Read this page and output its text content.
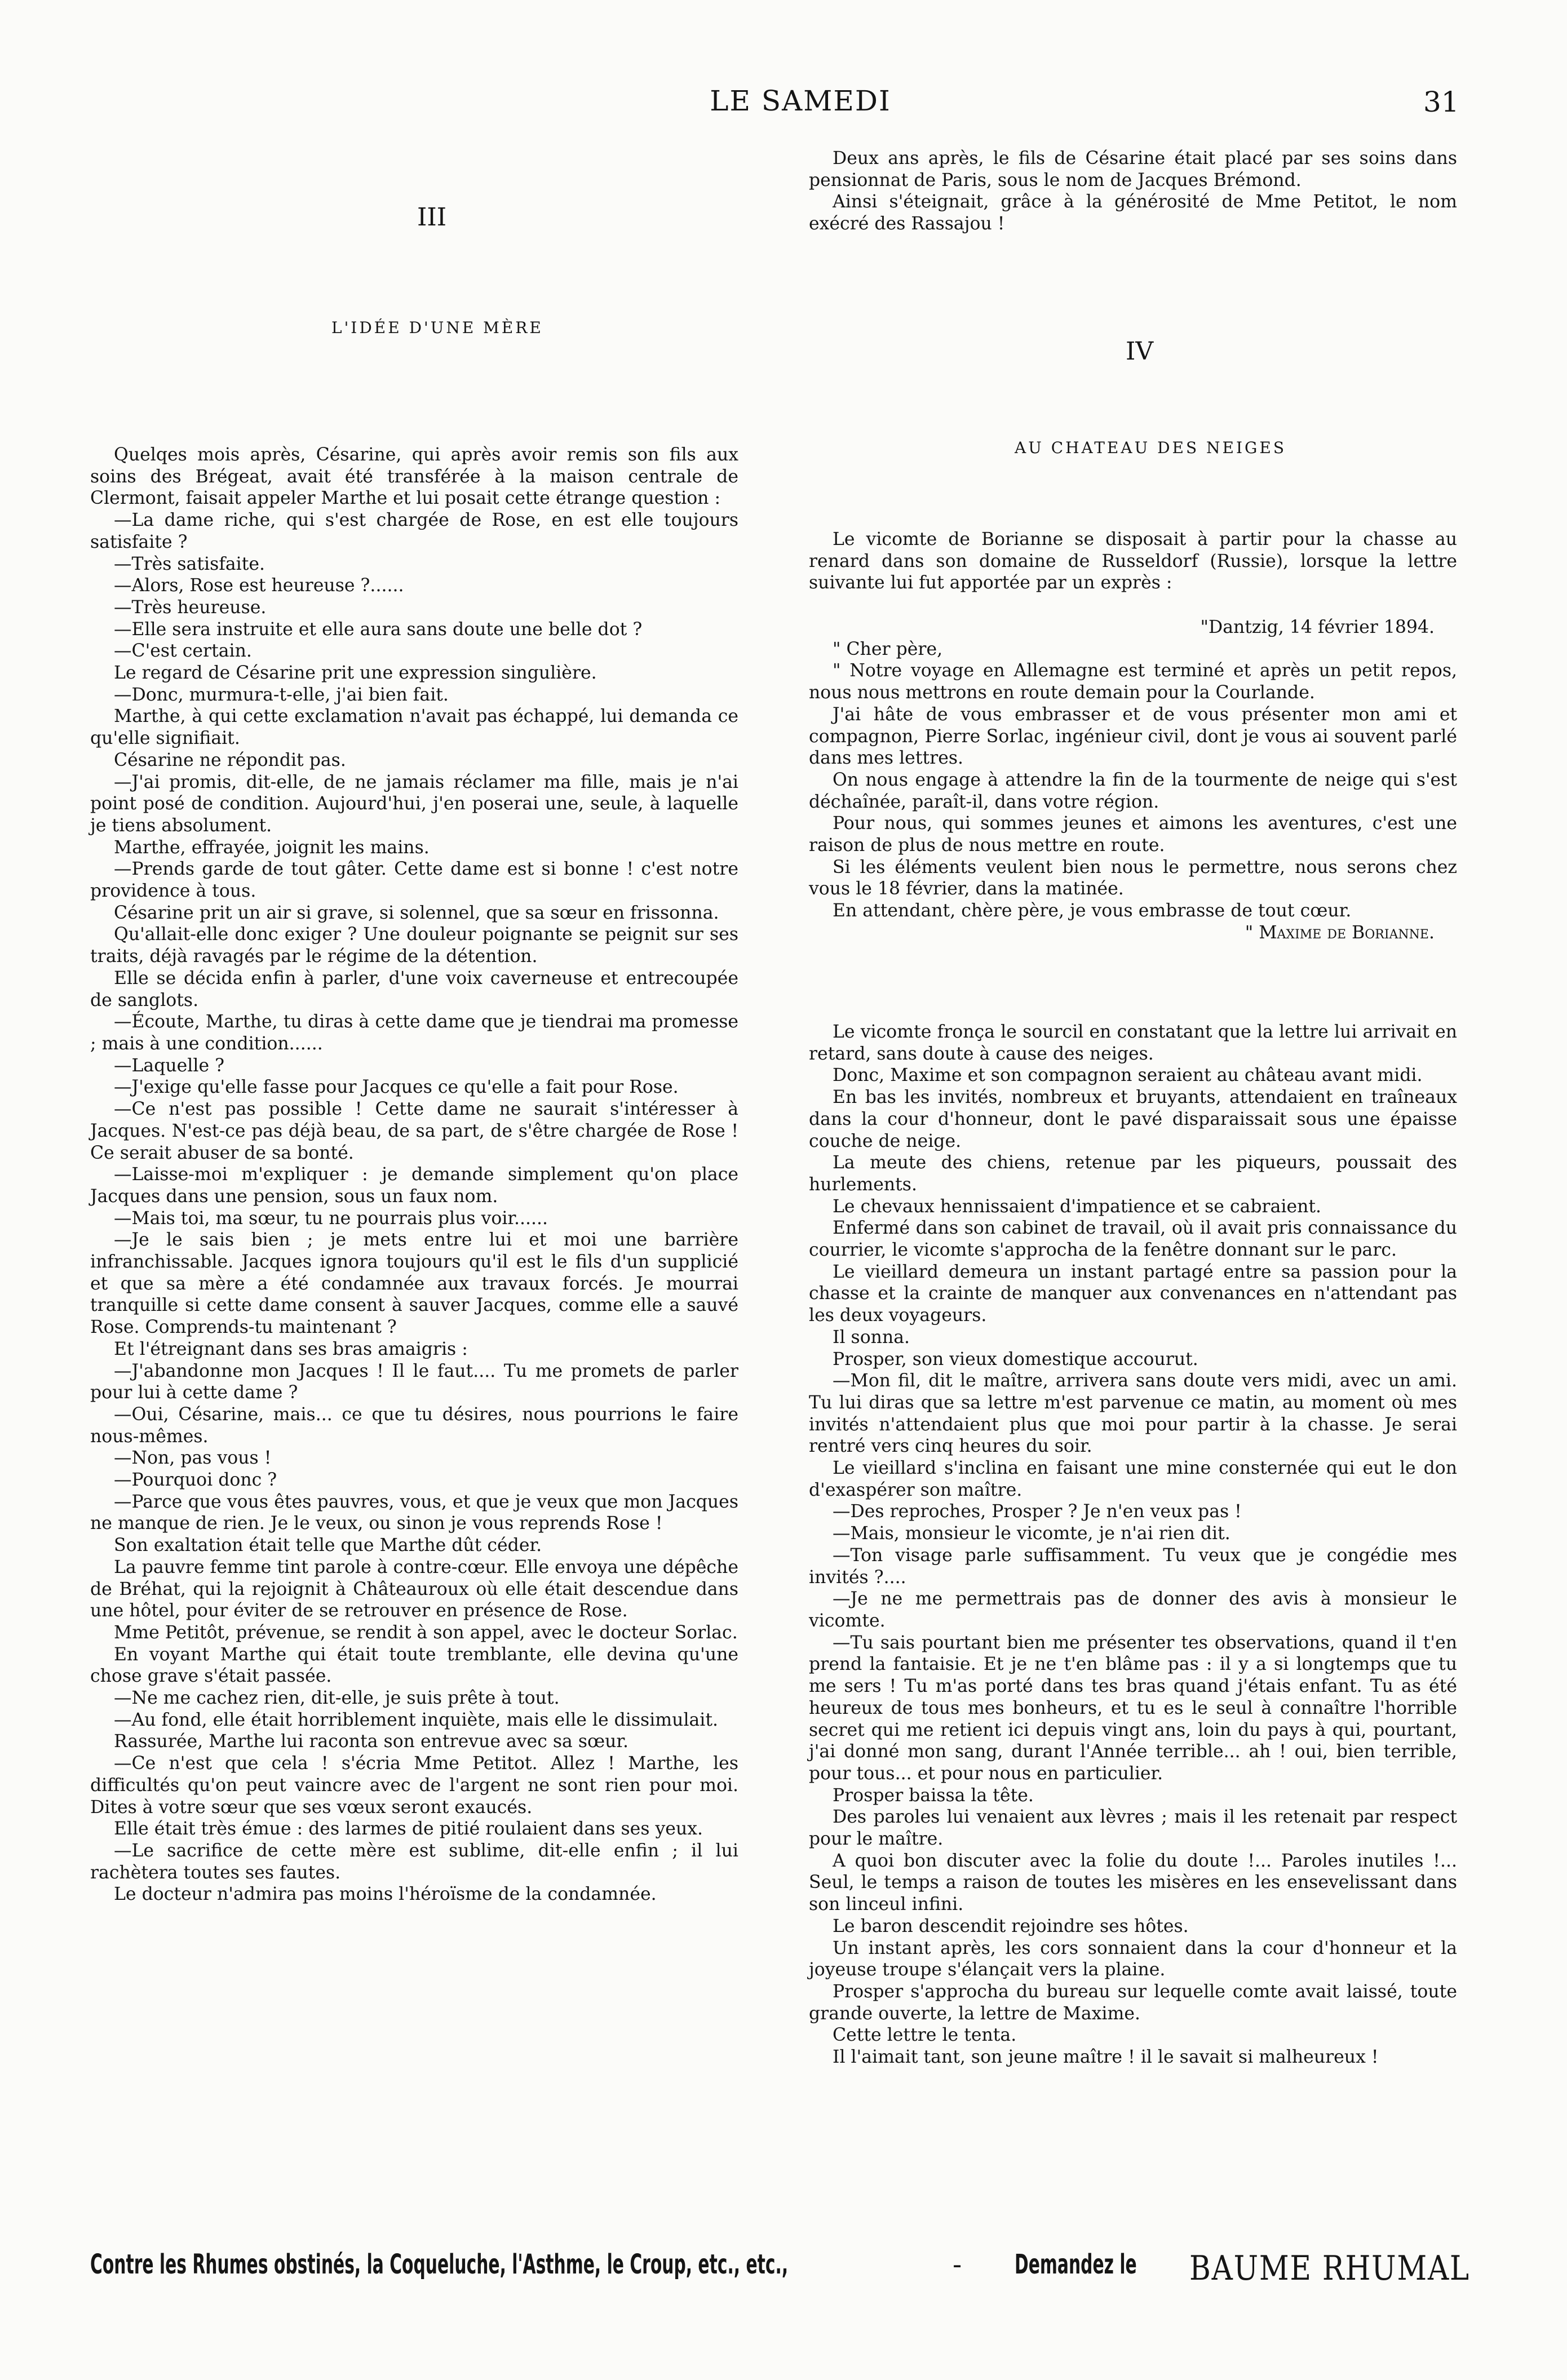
LE SAMEDI	31
III
L'IDÉE D'UNE MÈRE

Quelqes mois après, Césarine, qui après avoir remis son fils aux soins des Brégeat, avait été transférée à la maison centrale de Clermont, faisait appeler Marthe et lui posait cette étrange question :

—La dame riche, qui s'est chargée de Rose, en est elle toujours satisfaite ?

—Très satisfaite.

—Alors, Rose est heureuse ?......

—Très heureuse.

—Elle sera instruite et elle aura sans doute une belle dot ?

—C'est certain.

Le regard de Césarine prit une expression singulière.

—Donc, murmura-t-elle, j'ai bien fait.

Marthe, à qui cette exclamation n'avait pas échappé, lui demanda ce qu'elle signifiait.

Césarine ne répondit pas.

—J'ai promis, dit-elle, de ne jamais réclamer ma fille, mais je n'ai point posé de condition. Aujourd'hui, j'en poserai une, seule, à laquelle je tiens absolument.

Marthe, effrayée, joignit les mains.

—Prends garde de tout gâter. Cette dame est si bonne ! c'est notre providence à tous.

Césarine prit un air si grave, si solennel, que sa sœur en frissonna.

Qu'allait-elle donc exiger ? Une douleur poignante se peignit sur ses traits, déjà ravagés par le régime de la détention.

Elle se décida enfin à parler, d'une voix caverneuse et entrecoupée de sanglots.

—Écoute, Marthe, tu diras à cette dame que je tiendrai ma promesse ; mais à une condition......

—Laquelle ?

—J'exige qu'elle fasse pour Jacques ce qu'elle a fait pour Rose.

—Ce n'est pas possible ! Cette dame ne saurait s'intéresser à Jacques. N'est-ce pas déjà beau, de sa part, de s'être chargée de Rose ! Ce serait abuser de sa bonté.

—Laisse-moi m'expliquer : je demande simplement qu'on place Jacques dans une pension, sous un faux nom.

—Mais toi, ma sœur, tu ne pourrais plus voir......

—Je le sais bien ; je mets entre lui et moi une barrière infranchissable. Jacques ignora toujours qu'il est le fils d'un supplicié et que sa mère a été condamnée aux travaux forcés. Je mourrai tranquille si cette dame consent à sauver Jacques, comme elle a sauvé Rose. Comprends-tu maintenant ?

Et l'étreignant dans ses bras amaigris :

—J'abandonne mon Jacques ! Il le faut.... Tu me promets de parler pour lui à cette dame ?

—Oui, Césarine, mais... ce que tu désires, nous pourrions le faire nous-mêmes.

—Non, pas vous !

—Pourquoi donc ?

—Parce que vous êtes pauvres, vous, et que je veux que mon Jacques ne manque de rien. Je le veux, ou sinon je vous reprends Rose !

Son exaltation était telle que Marthe dût céder.

La pauvre femme tint parole à contre-cœur. Elle envoya une dépêche de Bréhat, qui la rejoignit à Châteauroux où elle était descendue dans une hôtel, pour éviter de se retrouver en présence de Rose.

Mme Petitôt, prévenue, se rendit à son appel, avec le docteur Sorlac.

En voyant Marthe qui était toute tremblante, elle devina qu'une chose grave s'était passée.

—Ne me cachez rien, dit-elle, je suis prête à tout.

—Au fond, elle était horriblement inquiète, mais elle le dissimulait.

Rassurée, Marthe lui raconta son entrevue avec sa sœur.

—Ce n'est que cela ! s'écria Mme Petitot. Allez ! Marthe, les difficultés qu'on peut vaincre avec de l'argent ne sont rien pour moi. Dites à votre sœur que ses vœux seront exaucés.

Elle était très émue : des larmes de pitié roulaient dans ses yeux.

—Le sacrifice de cette mère est sublime, dit-elle enfin ; il lui rachètera toutes ses fautes.

Le docteur n'admira pas moins l'héroïsme de la condamnée.

Deux ans après, le fils de Césarine était placé par ses soins dans pensionnat de Paris, sous le nom de Jacques Brémond.

Ainsi s'éteignait, grâce à la générosité de Mme Petitot, le nom exécré des Rassajou !

IV
AU CHATEAU DES NEIGES

Le vicomte de Borianne se disposait à partir pour la chasse au renard dans son domaine de Russeldorf (Russie), lorsque la lettre suivante lui fut apportée par un exprès :

"Dantzig, 14 février 1894.

" Cher père,

" Notre voyage en Allemagne est terminé et après un petit repos, nous nous mettrons en route demain pour la Courlande.

J'ai hâte de vous embrasser et de vous présenter mon ami et compagnon, Pierre Sorlac, ingénieur civil, dont je vous ai souvent parlé dans mes lettres.

On nous engage à attendre la fin de la tourmente de neige qui s'est déchaînée, paraît-il, dans votre région.

Pour nous, qui sommes jeunes et aimons les aventures, c'est une raison de plus de nous mettre en route.

Si les éléments veulent bien nous le permettre, nous serons chez vous le 18 février, dans la matinée.

En attendant, chère père, je vous embrasse de tout cœur.

" Maxime de Borianne.

Le vicomte fronça le sourcil en constatant que la lettre lui arrivait en retard, sans doute à cause des neiges.

Donc, Maxime et son compagnon seraient au château avant midi.

En bas les invités, nombreux et bruyants, attendaient en traîneaux dans la cour d'honneur, dont le pavé disparaissait sous une épaisse couche de neige.

La meute des chiens, retenue par les piqueurs, poussait des hurlements.

Le chevaux hennissaient d'impatience et se cabraient.

Enfermé dans son cabinet de travail, où il avait pris connaissance du courrier, le vicomte s'approcha de la fenêtre donnant sur le parc.

Le vieillard demeura un instant partagé entre sa passion pour la chasse et la crainte de manquer aux convenances en n'attendant pas les deux voyageurs.

Il sonna.

Prosper, son vieux domestique accourut.

—Mon fil, dit le maître, arrivera sans doute vers midi, avec un ami. Tu lui diras que sa lettre m'est parvenue ce matin, au moment où mes invités n'attendaient plus que moi pour partir à la chasse. Je serai rentré vers cinq heures du soir.

Le vieillard s'inclina en faisant une mine consternée qui eut le don d'exaspérer son maître.

—Des reproches, Prosper ? Je n'en veux pas !

—Mais, monsieur le vicomte, je n'ai rien dit.

—Ton visage parle suffisamment. Tu veux que je congédie mes invités ?....

—Je ne me permettrais pas de donner des avis à monsieur le vicomte.

—Tu sais pourtant bien me présenter tes observations, quand il t'en prend la fantaisie. Et je ne t'en blâme pas : il y a si longtemps que tu me sers ! Tu m'as porté dans tes bras quand j'étais enfant. Tu as été heureux de tous mes bonheurs, et tu es le seul à connaître l'horrible secret qui me retient ici depuis vingt ans, loin du pays à qui, pourtant, j'ai donné mon sang, durant l'Année terrible... ah ! oui, bien terrible, pour tous... et pour nous en particulier.

Prosper baissa la tête.

Des paroles lui venaient aux lèvres ; mais il les retenait par respect pour le maître.

A quoi bon discuter avec la folie du doute !... Paroles inutiles !... Seul, le temps a raison de toutes les misères en les ensevelissant dans son linceul infini.

Le baron descendit rejoindre ses hôtes.

Un instant après, les cors sonnaient dans la cour d'honneur et la joyeuse troupe s'élançait vers la plaine.

Prosper s'approcha du bureau sur lequelle comte avait laissé, toute grande ouverte, la lettre de Maxime.

Cette lettre le tenta.

Il l'aimait tant, son jeune maître ! il le savait si malheureux !

Contre les Rhumes obstinés, la Coqueluche, l'Asthme, le Croup, etc., etc.,	- Demandez le BAUME RHUMAL
